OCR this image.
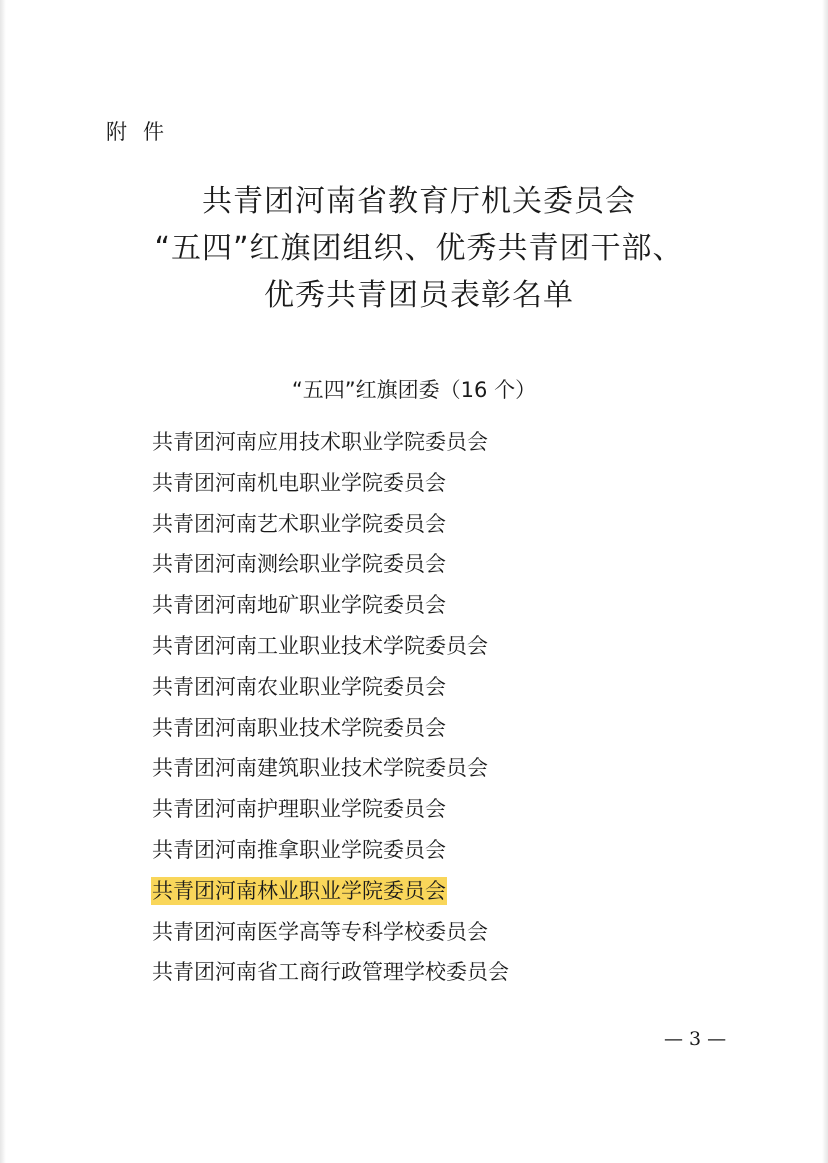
附件
共青团河南省教育厅机关委员会
“五四”红旗团组织、优秀共青团干部、
优秀共青团员表彰名单
“五四”红旗团委（16 个）
共青团河南应用技术职业学院委员会
共青团河南机电职业学院委员会
共青团河南艺术职业学院委员会
共青团河南测绘职业学院委员会
共青团河南地矿职业学院委员会
共青团河南工业职业技术学院委员会
共青团河南农业职业学院委员会
共青团河南职业技术学院委员会
共青团河南建筑职业技术学院委员会
共青团河南护理职业学院委员会
共青团河南推拿职业学院委员会
共青团河南林业职业学院委员会
共青团河南医学高等专科学校委员会
共青团河南省工商行政管理学校委员会
— 3 —
